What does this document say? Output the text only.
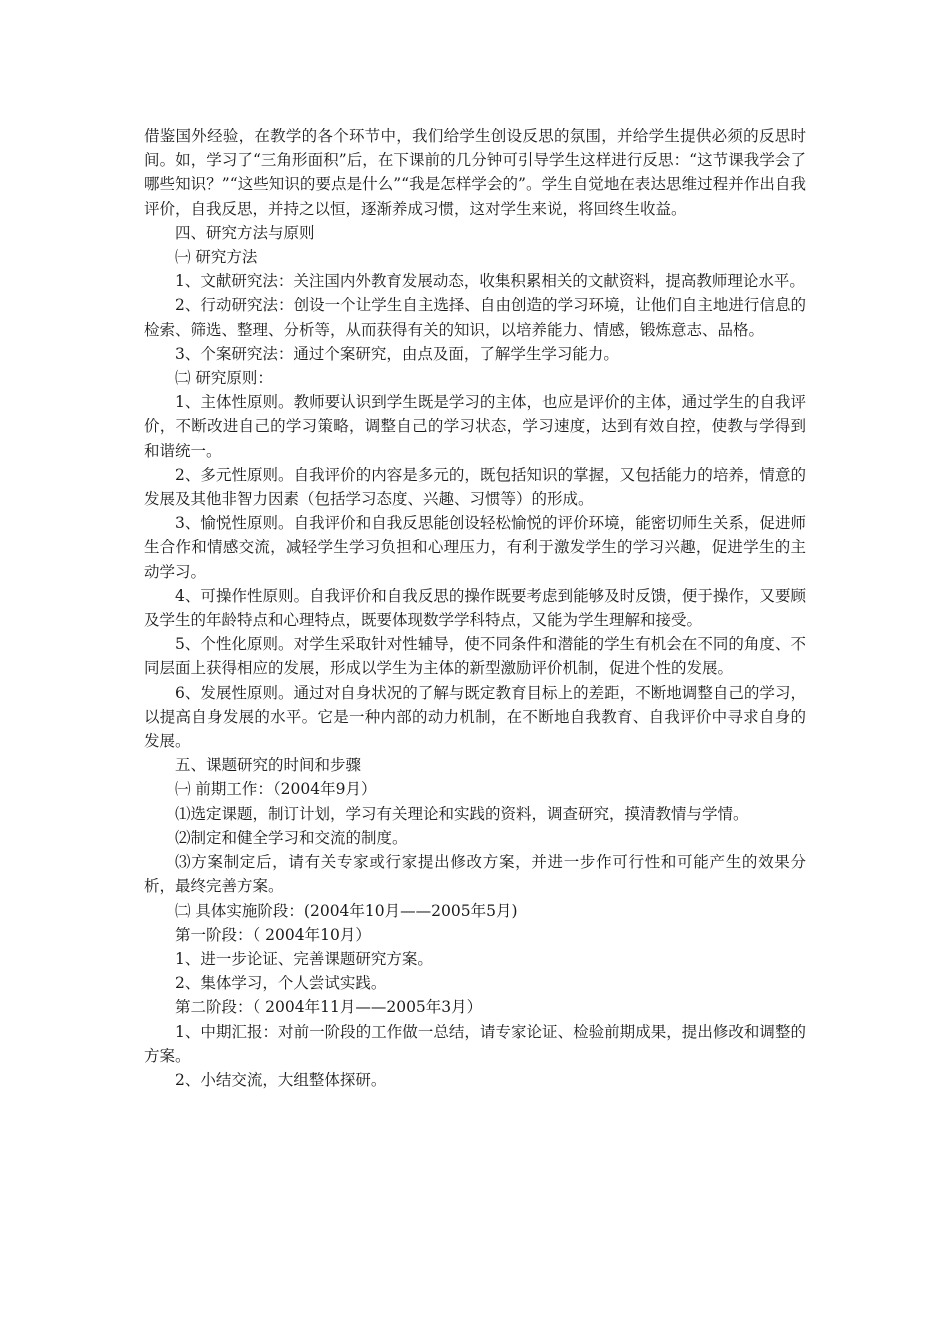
借鉴国外经验，在教学的各个环节中，我们给学生创设反思的氛围，并给学生提供必须的反思时间。如，学习了“三角形面积”后，在下课前的几分钟可引导学生这样进行反思：“这节课我学会了哪些知识？”“这些知识的要点是什么”“我是怎样学会的”。学生自觉地在表达思维过程并作出自我评价，自我反思，并持之以恒，逐渐养成习惯，这对学生来说，将回终生收益。

四、研究方法与原则

㈠ 研究方法

1、文献研究法：关注国内外教育发展动态，收集积累相关的文献资料，提高教师理论水平。

2、行动研究法：创设一个让学生自主选择、自由创造的学习环境，让他们自主地进行信息的检索、筛选、整理、分析等，从而获得有关的知识，以培养能力、情感，锻炼意志、品格。

3、个案研究法：通过个案研究，由点及面，了解学生学习能力。

㈡ 研究原则：

1、主体性原则。教师要认识到学生既是学习的主体，也应是评价的主体，通过学生的自我评价，不断改进自己的学习策略，调整自己的学习状态，学习速度，达到有效自控，使教与学得到和谐统一。

2、多元性原则。自我评价的内容是多元的，既包括知识的掌握，又包括能力的培养，情意的发展及其他非智力因素（包括学习态度、兴趣、习惯等）的形成。

3、愉悦性原则。自我评价和自我反思能创设轻松愉悦的评价环境，能密切师生关系，促进师生合作和情感交流，减轻学生学习负担和心理压力，有利于激发学生的学习兴趣，促进学生的主动学习。

4、可操作性原则。自我评价和自我反思的操作既要考虑到能够及时反馈，便于操作，又要顾及学生的年龄特点和心理特点，既要体现数学学科特点，又能为学生理解和接受。

5、个性化原则。对学生采取针对性辅导，使不同条件和潜能的学生有机会在不同的角度、不同层面上获得相应的发展，形成以学生为主体的新型激励评价机制，促进个性的发展。

6、发展性原则。通过对自身状况的了解与既定教育目标上的差距，不断地调整自己的学习，以提高自身发展的水平。它是一种内部的动力机制，在不断地自我教育、自我评价中寻求自身的发展。

五、课题研究的时间和步骤

㈠ 前期工作：（2004年9月）

⑴选定课题，制订计划，学习有关理论和实践的资料，调查研究，摸清教情与学情。

⑵制定和健全学习和交流的制度。

⑶方案制定后，请有关专家或行家提出修改方案，并进一步作可行性和可能产生的效果分析，最终完善方案。

㈡ 具体实施阶段：(2004年10月——2005年5月)

第一阶段：（ 2004年10月）

1、进一步论证、完善课题研究方案。

2、集体学习，个人尝试实践。

第二阶段：（ 2004年11月——2005年3月）

1、中期汇报：对前一阶段的工作做一总结，请专家论证、检验前期成果，提出修改和调整的方案。

2、小结交流，大组整体探研。
